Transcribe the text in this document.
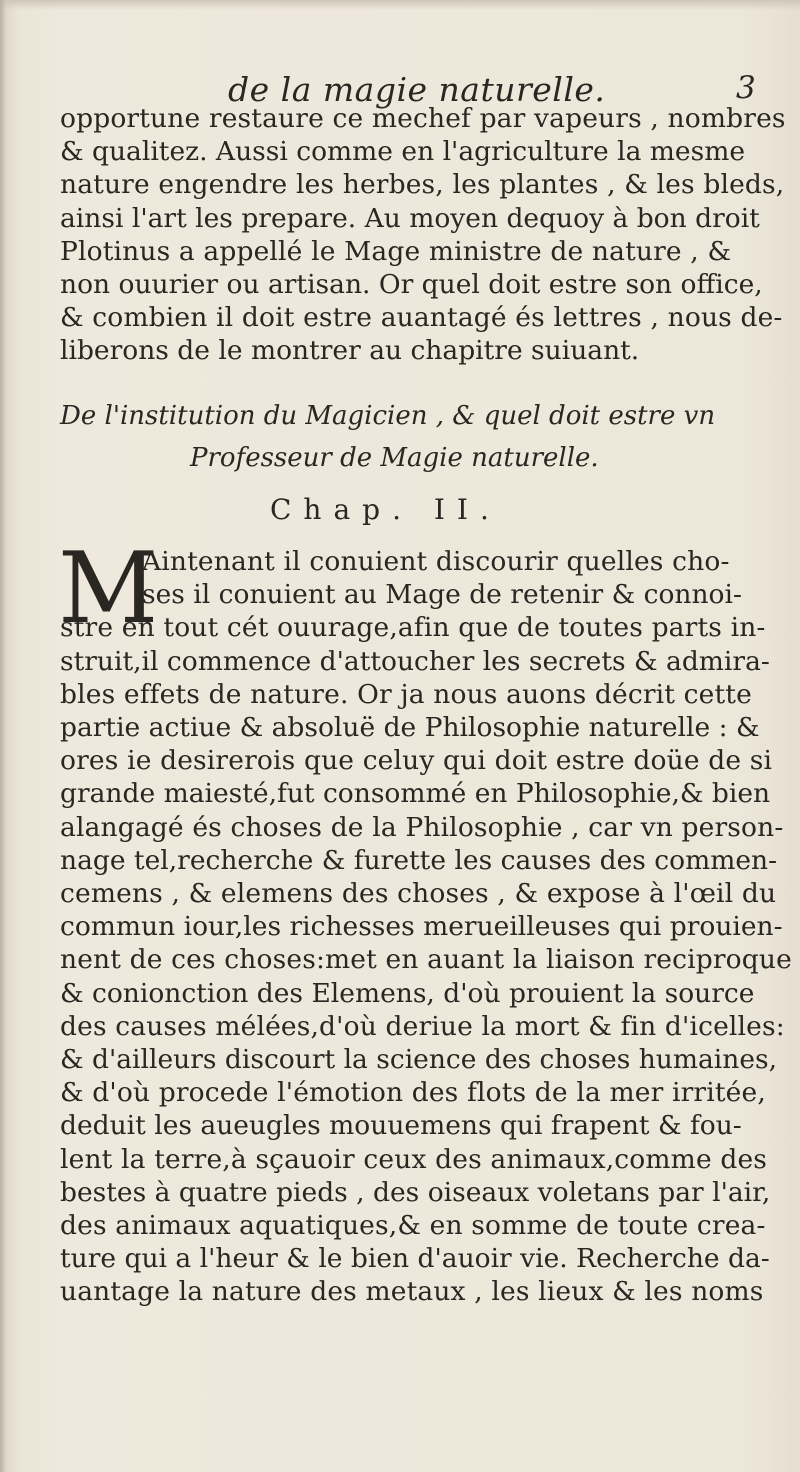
de la magie naturelle.	3
opportune restaure ce mechef par vapeurs , nombres
& qualitez. Aussi comme en l'agriculture la mesme
nature engendre les herbes, les plantes , & les bleds,
ainsi l'art les prepare. Au moyen dequoy à bon droit
Plotinus a appellé le Mage ministre de nature , &
non ouurier ou artisan. Or quel doit estre son office,
& combien il doit estre auantagé és lettres , nous de-
liberons de le montrer au chapitre suiuant.
De l'institution du Magicien , & quel doit estre vn
Professeur de Magie naturelle.
Chap. II.
M
Aintenant il conuient discourir quelles cho-
ses il conuient au Mage de retenir & connoi-
stre en tout cét ouurage,afin que de toutes parts in-
struit,il commence d'attoucher les secrets & admira-
bles effets de nature. Or ja nous auons décrit cette
partie actiue & absoluë de Philosophie naturelle : &
ores ie desirerois que celuy qui doit estre doüe de si
grande maiesté,fut consommé en Philosophie,& bien
alangagé és choses de la Philosophie , car vn person-
nage tel,recherche & furette les causes des commen-
cemens , & elemens des choses , & expose à l'œil du
commun iour,les richesses merueilleuses qui prouien-
nent de ces choses:met en auant la liaison reciproque
& conionction des Elemens, d'où prouient la source
des causes mélées,d'où deriue la mort & fin d'icelles:
& d'ailleurs discourt la science des choses humaines,
& d'où procede l'émotion des flots de la mer irritée,
deduit les aueugles mouuemens qui frapent & fou-
lent la terre,à sçauoir ceux des animaux,comme des
bestes à quatre pieds , des oiseaux voletans par l'air,
des animaux aquatiques,& en somme de toute crea-
ture qui a l'heur & le bien d'auoir vie. Recherche da-
uantage la nature des metaux , les lieux & les noms
